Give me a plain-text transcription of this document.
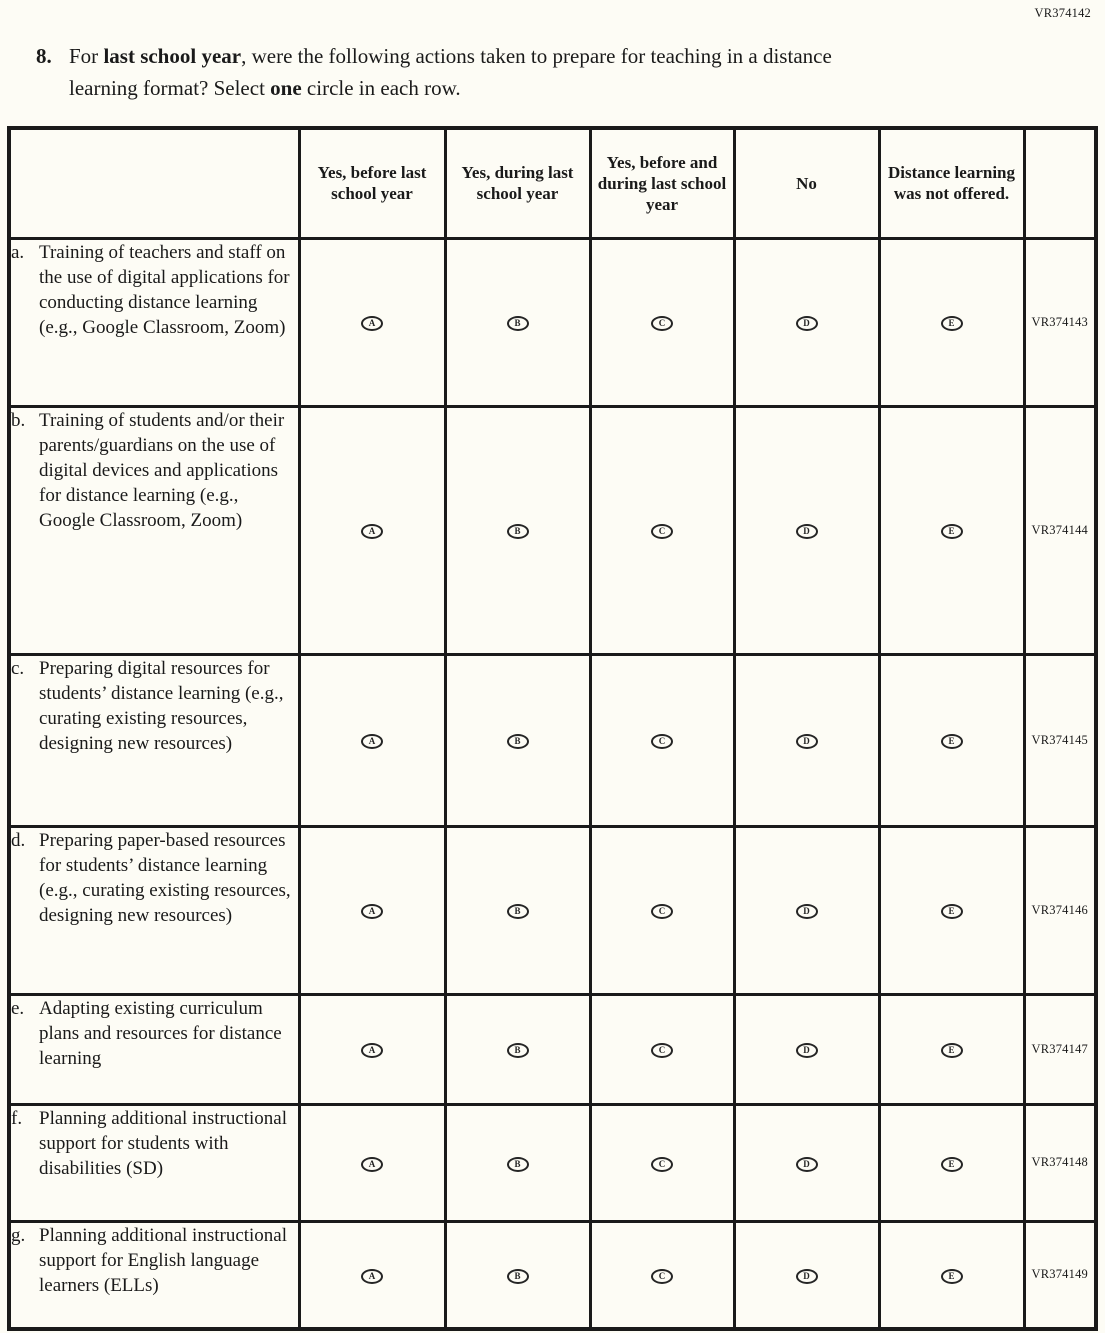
VR374142
8. For last school year, were the following actions taken to prepare for teaching in a distance learning format? Select one circle in each row.
	Yes, before last school year	Yes, during last school year	Yes, before and during last school year	No	Distance learning was not offered.	

a. Training of teachers and staff on the use of digital applications for conducting distance learning (e.g., Google Classroom, Zoom)	A	B	C	D	E	VR374143

b. Training of students and/or their parents/guardians on the use of digital devices and applications for distance learning (e.g., Google Classroom, Zoom)	A	B	C	D	E	VR374144

c. Preparing digital resources for students’ distance learning (e.g., curating existing resources, designing new resources)	A	B	C	D	E	VR374145

d. Preparing paper-based resources for students’ distance learning (e.g., curating existing resources, designing new resources)	A	B	C	D	E	VR374146

e. Adapting existing curriculum plans and resources for distance learning	A	B	C	D	E	VR374147

f. Planning additional instructional support for students with disabilities (SD)	A	B	C	D	E	VR374148

g. Planning additional instructional support for English language learners (ELLs)	A	B	C	D	E	VR374149
